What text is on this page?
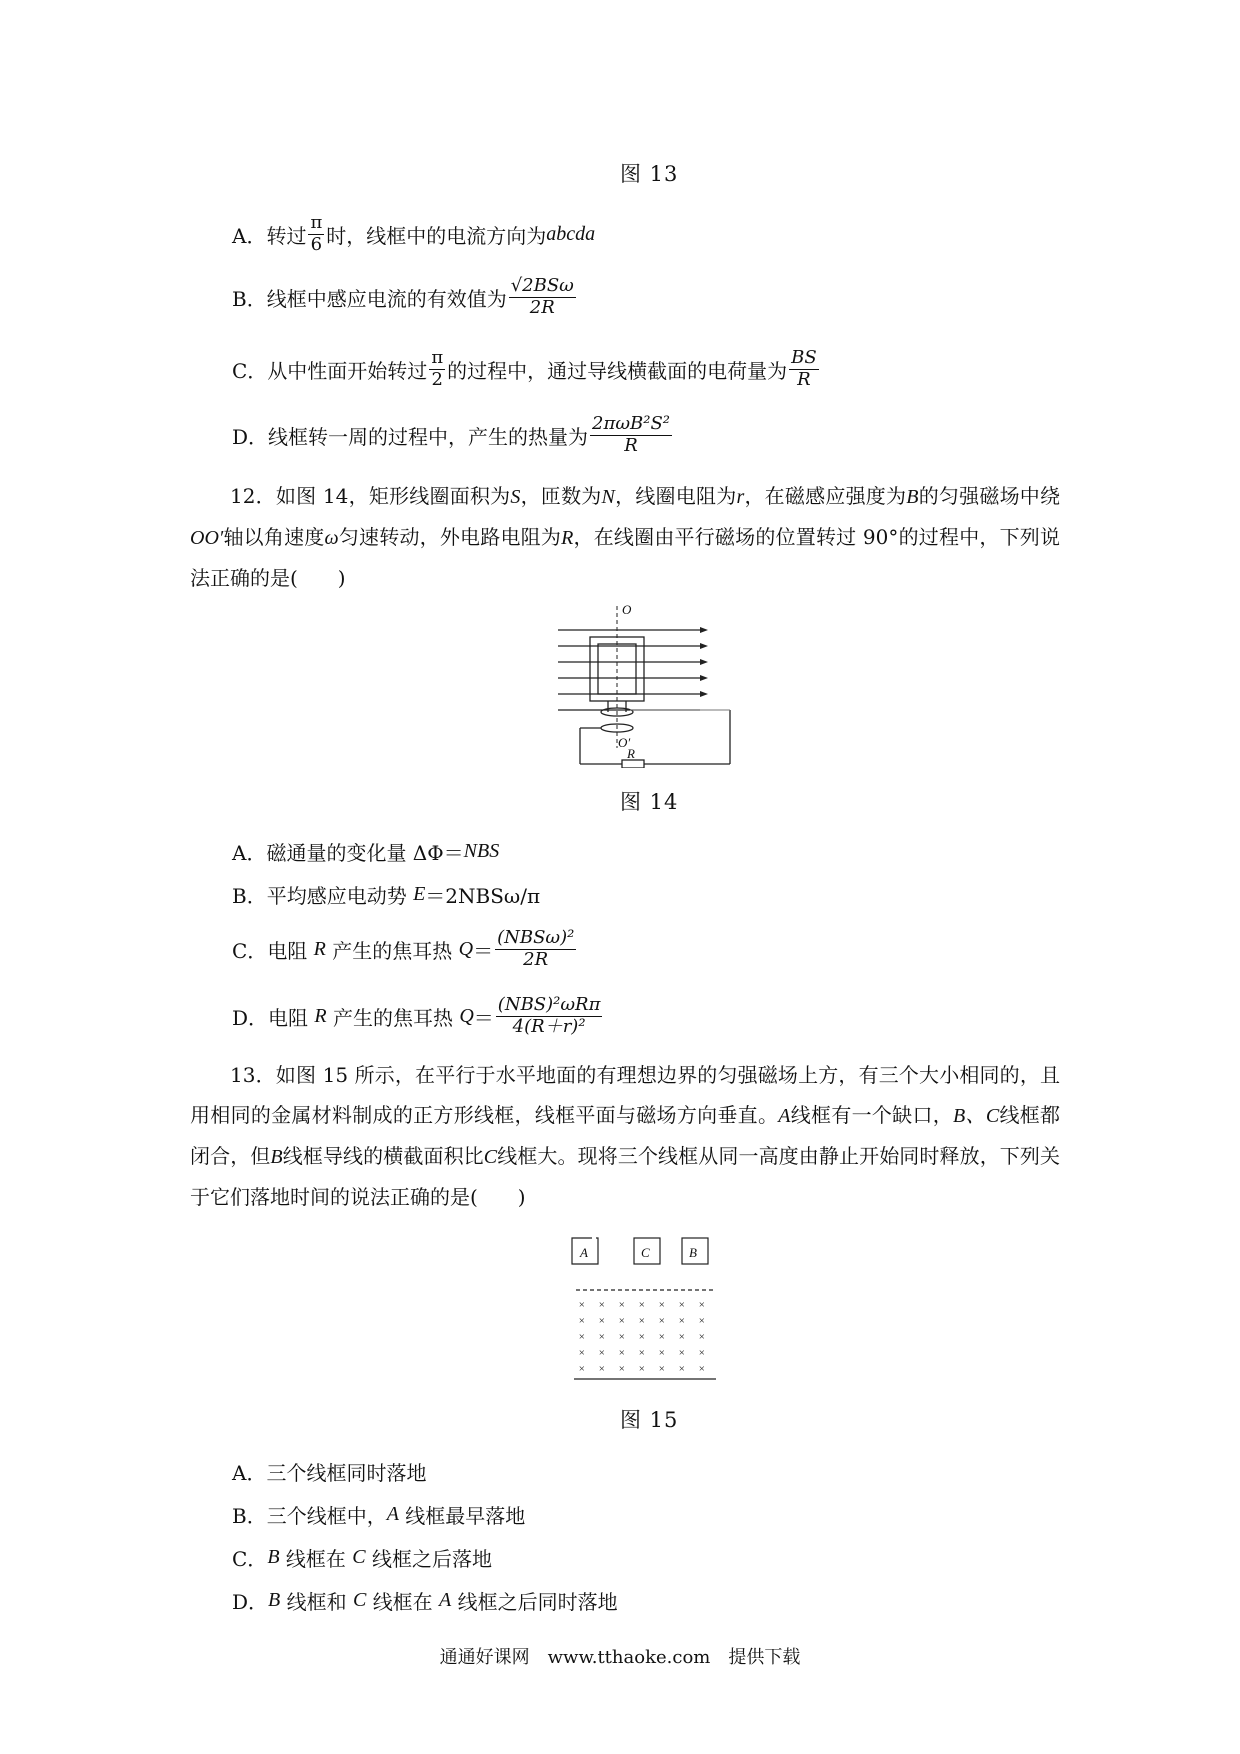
图 13
A． 转过 $\frac{\pi}{6}$ 时，线框中的电流方向为 abcda
B． 线框中感应电流的有效值为 $\frac{\text{√2BSω}}{2R}$
C． 从中性面开始转过 $\frac{\pi}{2}$ 的过程中，通过导线横截面的电荷量为 $\frac{BS}{R}$
D． 线框转一周的过程中，产生的热量为 $\frac{\text{2πωB²S²}}{R}$

12．如图 14，矩形线圈面积为S，匝数为N，线圈电阻为r，在磁感应强度为B的匀强磁场中绕OO′轴以角速度ω匀速转动，外电路电阻为R，在线圈由平行磁场的位置转过 90°的过程中，下列说法正确的是(　　)

O
O′
R
图 14
A． 磁通量的变化量 ΔΦ＝ NBS
B． 平均感应电动势
E ＝2NBSω/π
C． 电阻
R
产生的焦耳热
$Q = \frac{\text{(NBSω)²}}{2R}$
D． 电阻
R
产生的焦耳热
$Q = \frac{\text{(NBS)²ωRπ}}{\text{4(R＋r)²}}$

13．如图 15 所示，在平行于水平地面的有理想边界的匀强磁场上方，有三个大小相同的，且用相同的金属材料制成的正方形线框，线框平面与磁场方向垂直。A线框有一个缺口，B、C线框都闭合，但B线框导线的横截面积比C线框大。现将三个线框从同一高度由静止开始同时释放，下列关于它们落地时间的说法正确的是(　　)

A	C	B
× × × × × × ×
× × × × × × ×
× × × × × × ×
× × × × × × ×
× × × × × × ×
图 15
A． 三个线框同时落地
B． 三个线框中， A
线框最早落地
C． B
线框在
C
线框之后落地
D． B
线框和
C
线框在
A
线框之后同时落地
通通好课网　www.tthaoke.com　提供下载
